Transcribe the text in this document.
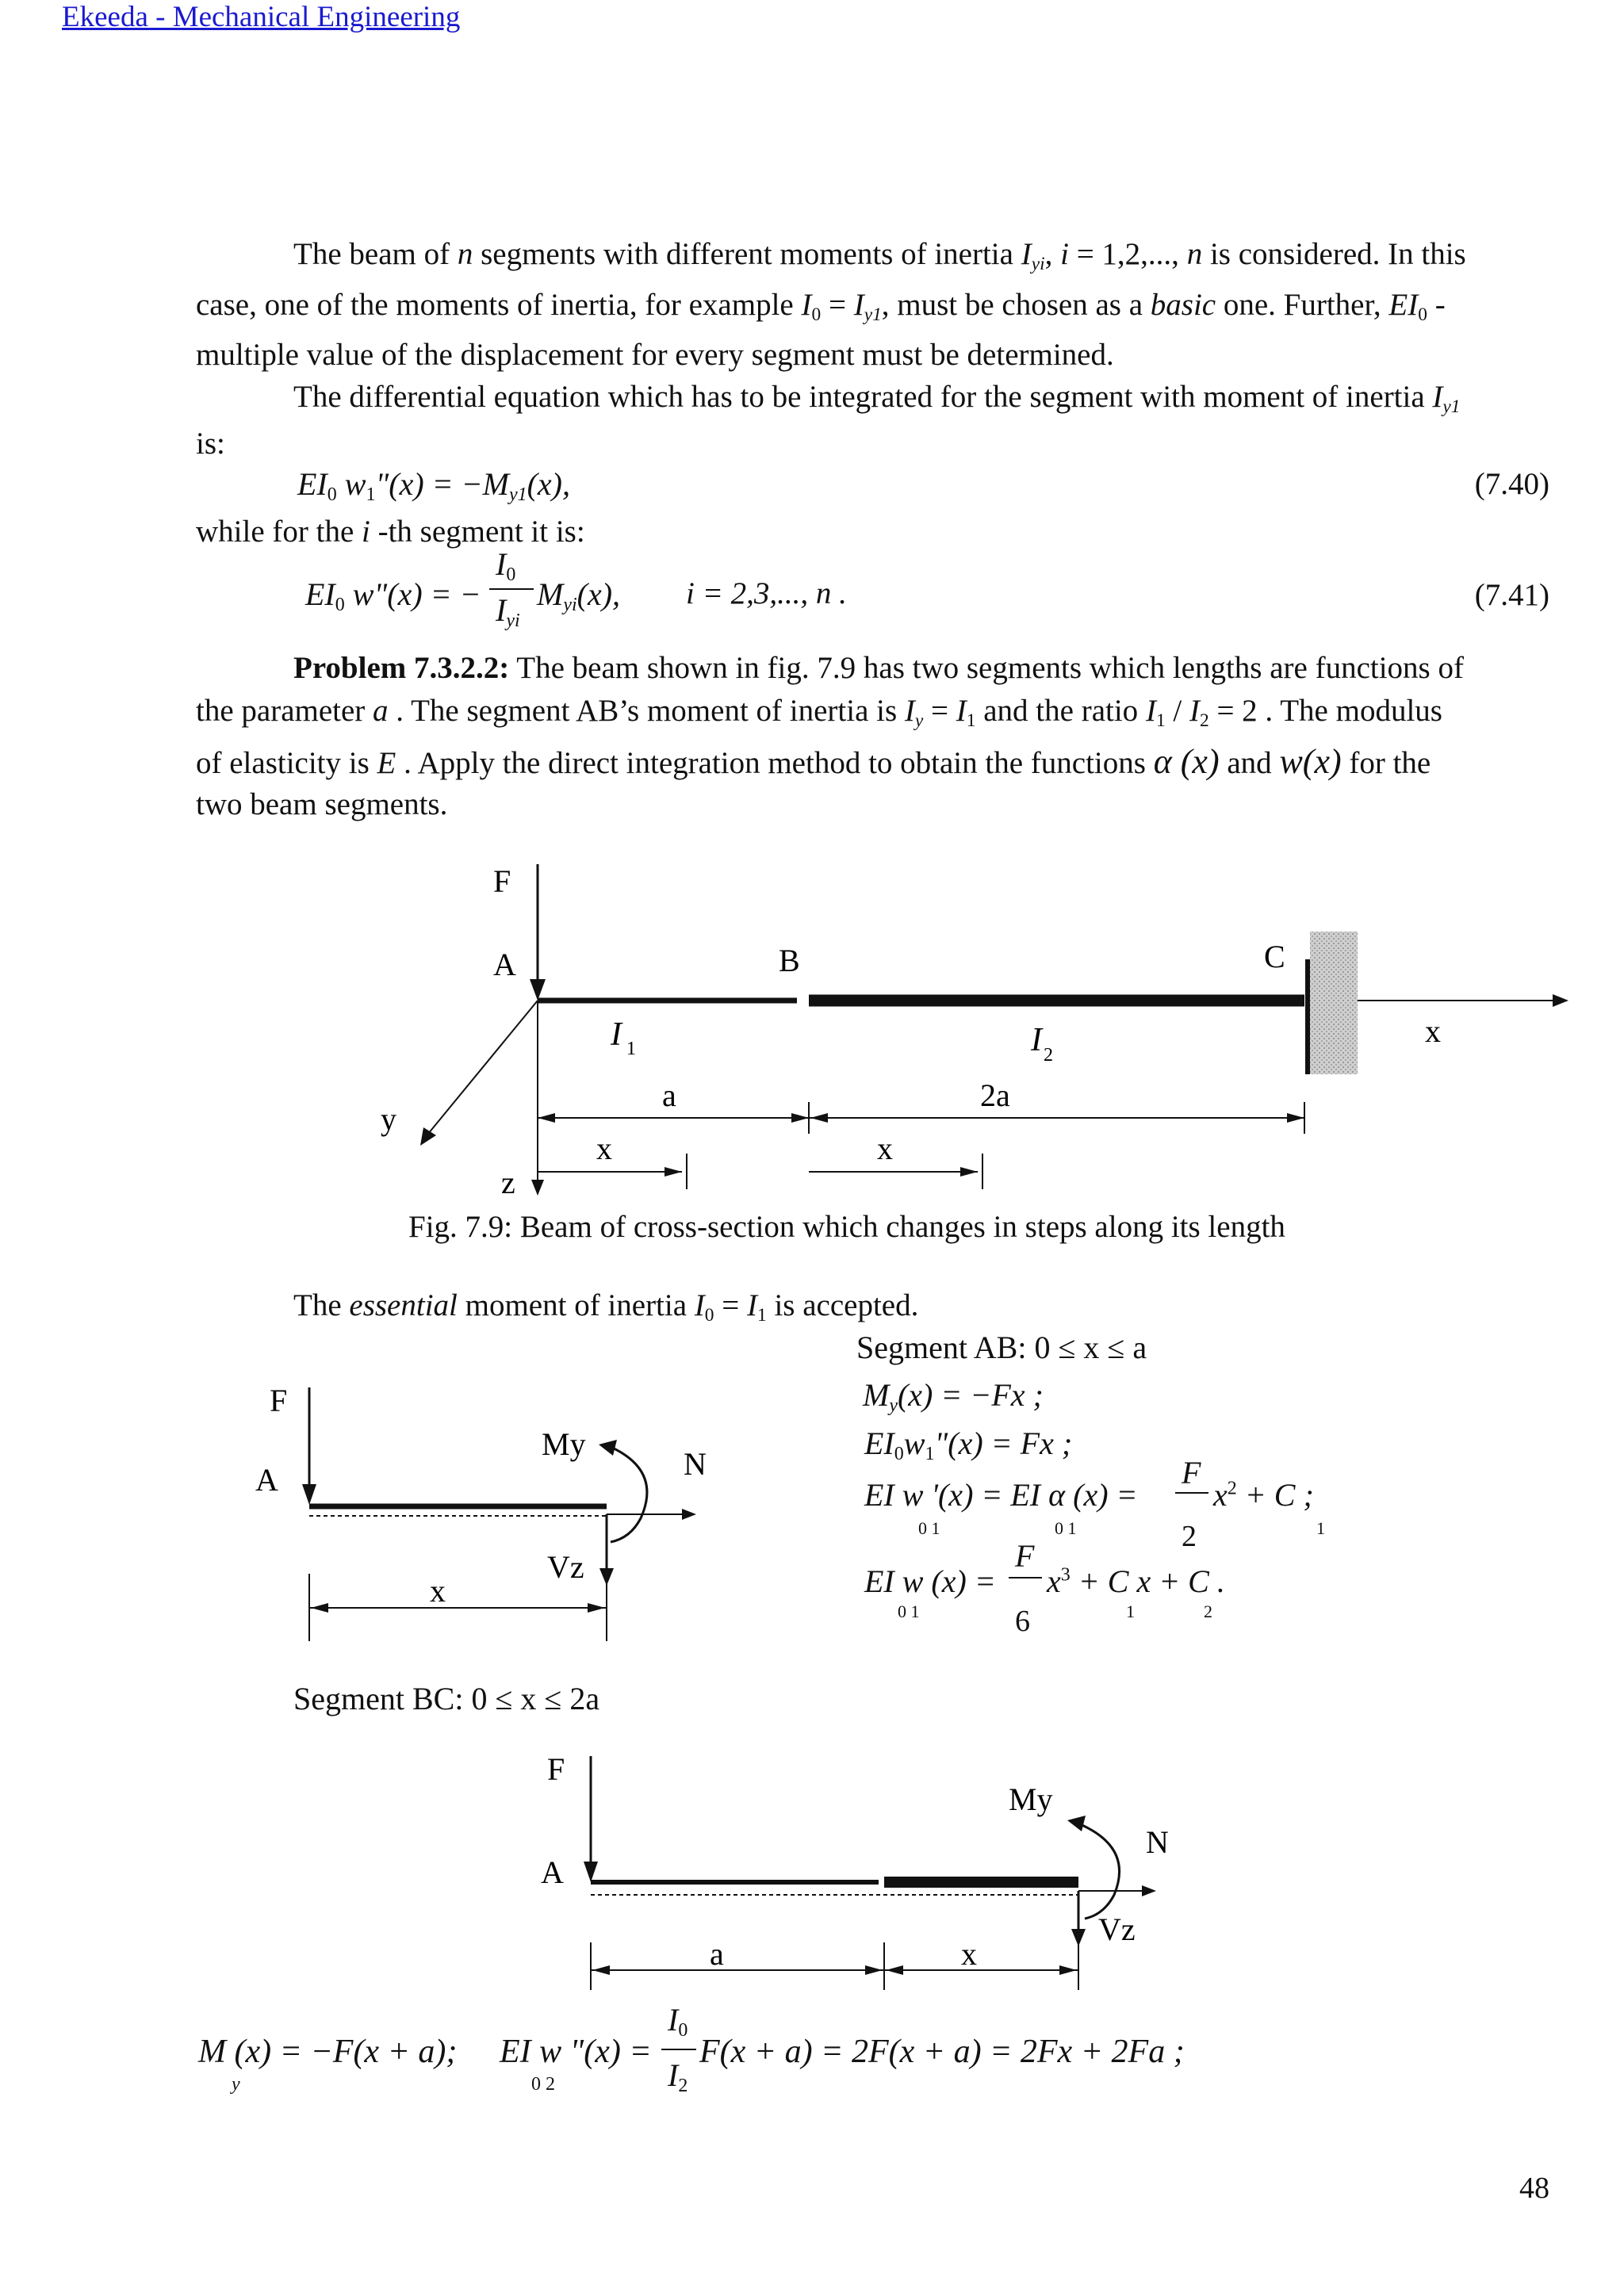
Ekeeda - Mechanical Engineering
The beam of n segments with different moments of inertia $I_{yi}$, i = 1,2,..., n is considered. In this
case, one of the moments of inertia, for example $I_0 = I_{y1}$, must be chosen as a basic one. Further, $EI_0$ -
multiple value of the displacement for every segment must be determined.
The differential equation which has to be integrated for the segment with moment of inertia $I_{y1}$
is:
$EI_0$ $w_1"(x) = -M_{y1}(x)$,	(7.40)
while for the i -th segment it is:
$EI_0$ w"(x) = −
$I_0$
$I_{yi}$
$M_{yi}(x)$, i = 2,3,..., n .	(7.41)
Problem 7.3.2.2: The beam shown in fig. 7.9 has two segments which lengths are functions of
the parameter a . The segment AB’s moment of inertia is $I_y = I_1$ and the ratio $I_1 / I_2 = 2$ . The modulus
of elasticity is E . Apply the direct integration method to obtain the functions α (x) and w(x) for the
two beam segments.
F
A	B	C
I 1	I 2
a	2a
x	x
x
y
z
Fig. 7.9: Beam of cross-section which changes in steps along its length
The essential moment of inertia $I_0 = I_1$ is accepted.
Segment AB: 0 ≤ x ≤ a
$M_y(x) = -Fx$ ;
$EI_0w_1"(x) = Fx$ ;
EI w '(x) = EI α (x) =
0 1	0 1
F
2
$x^2 + C$ ;
1
EI w (x) =
0 1
F
6
$x^3 + C$ x + C .
1	2
F
A
My
N
Vz
x
Segment BC: 0 ≤ x ≤ 2a
F
A
My
N
Vz
a	x
M (x) = −F(x + a);
y
EI w "(x) =
0 2
$I_0$
$I_2$
F(x + a) = 2F(x + a) = 2Fx + 2Fa ;
48
